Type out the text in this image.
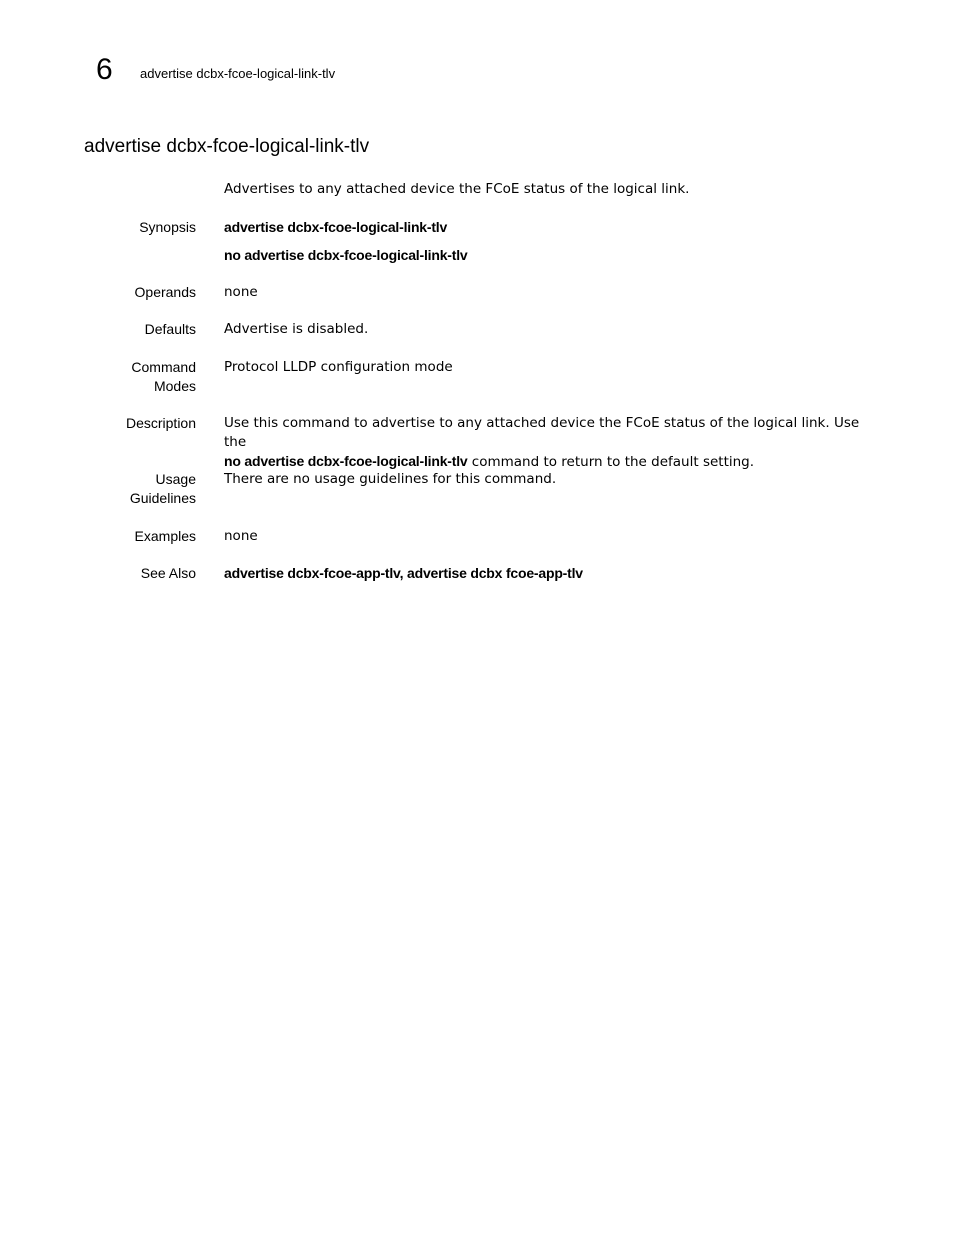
6 advertise dcbx-fcoe-logical-link-tlv
advertise dcbx-fcoe-logical-link-tlv
Advertises to any attached device the FCoE status of the logical link.
Synopsis advertise dcbx-fcoe-logical-link-tlv
no advertise dcbx-fcoe-logical-link-tlv
Operands none
Defaults Advertise is disabled.
Command
Modes
Protocol LLDP configuration mode
Description Use this command to advertise to any attached device the FCoE status of the logical link. Use the
no advertise dcbx-fcoe-logical-link-tlv command to return to the default setting.
Usage
Guidelines
There are no usage guidelines for this command.
Examples none
See Also advertise dcbx-fcoe-app-tlv, advertise dcbx fcoe-app-tlv
